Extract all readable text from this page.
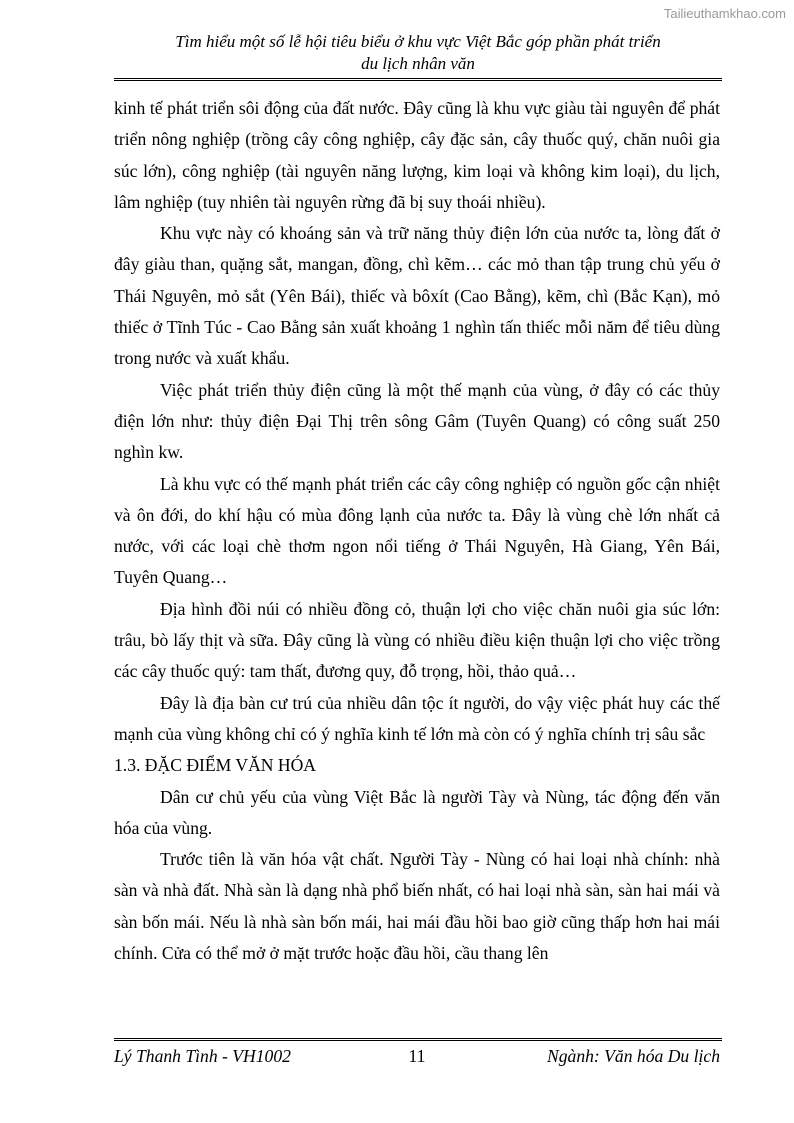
Tailieuthamkhao.com
Tìm hiểu một số lễ hội tiêu biểu ở khu vực Việt Bắc góp phần phát triển
du lịch nhân văn

kinh tế phát triển sôi động của đất nước. Đây cũng là khu vực giàu tài nguyên để phát triển nông nghiệp (trồng cây công nghiệp, cây đặc sản, cây thuốc quý, chăn nuôi gia súc lớn), công nghiệp (tài nguyên năng lượng, kim loại và không kim loại), du lịch, lâm nghiệp (tuy nhiên tài nguyên rừng đã bị suy thoái nhiều).

Khu vực này có khoáng sản và trữ năng thủy điện lớn của nước ta, lòng đất ở đây giàu than, quặng sắt, mangan, đồng, chì kẽm… các mỏ than tập trung chủ yếu ở Thái Nguyên, mỏ sắt (Yên Bái), thiếc và bôxít (Cao Bằng), kẽm, chì (Bắc Kạn), mỏ thiếc ở Tĩnh Túc - Cao Bằng sản xuất khoảng 1 nghìn tấn thiếc mỗi năm để tiêu dùng trong nước và xuất khẩu.

Việc phát triển thủy điện cũng là một thế mạnh của vùng, ở đây có các thủy điện lớn như: thủy điện Đại Thị trên sông Gâm (Tuyên Quang) có công suất 250 nghìn kw.

Là khu vực có thế mạnh phát triển các cây công nghiệp có nguồn gốc cận nhiệt và ôn đới, do khí hậu có mùa đông lạnh của nước ta. Đây là vùng chè lớn nhất cả nước, với các loại chè thơm ngon nổi tiếng ở Thái Nguyên, Hà Giang, Yên Bái, Tuyên Quang…

Địa hình đồi núi có nhiều đồng cỏ, thuận lợi cho việc chăn nuôi gia súc lớn: trâu, bò lấy thịt và sữa. Đây cũng là vùng có nhiều điều kiện thuận lợi cho việc trồng các cây thuốc quý: tam thất, đương quy, đỗ trọng, hồi, thảo quả…

Đây là địa bàn cư trú của nhiều dân tộc ít người, do vậy việc phát huy các thế mạnh của vùng không chỉ có ý nghĩa kinh tế lớn mà còn có ý nghĩa chính trị sâu sắc

1.3. ĐẶC ĐIỂM VĂN HÓA

Dân cư chủ yếu của vùng Việt Bắc là người Tày và Nùng, tác động đến văn hóa của vùng.

Trước tiên là văn hóa vật chất. Người Tày - Nùng có hai loại nhà chính: nhà sàn và nhà đất. Nhà sàn là dạng nhà phổ biến nhất, có hai loại nhà sàn, sàn hai mái và sàn bốn mái. Nếu là nhà sàn bốn mái, hai mái đầu hồi bao giờ cũng thấp hơn hai mái chính. Cửa có thể mở ở mặt trước hoặc đầu hồi, cầu thang lên

Lý Thanh Tình - VH1002	11	Ngành: Văn hóa Du lịch
